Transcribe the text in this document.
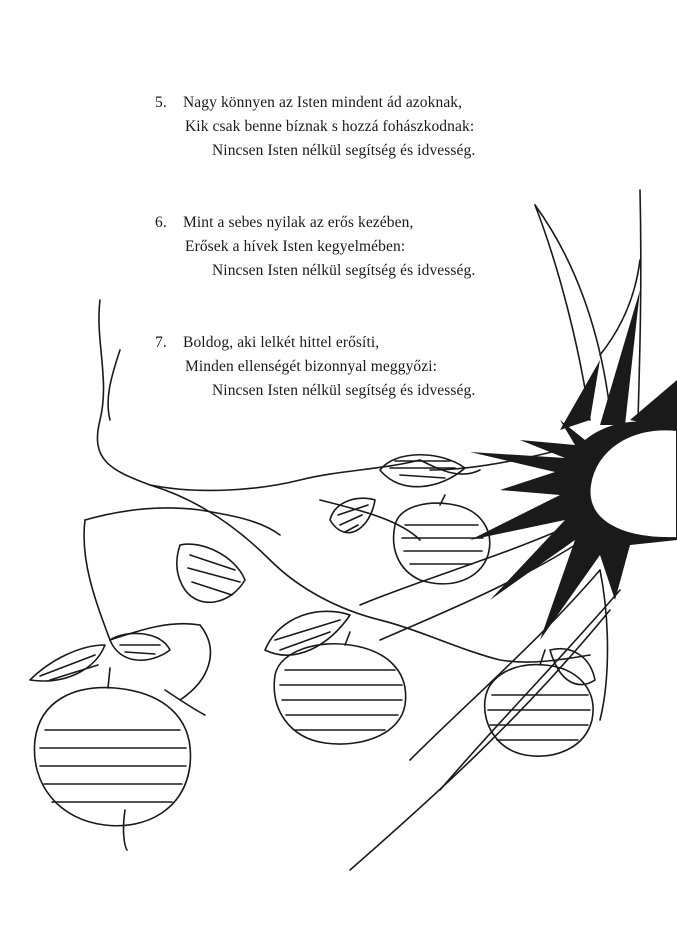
5.	Nagy könnyen az Isten mindent ád azoknak,
Kik csak benne bíznak s hozzá fohászkodnak:
Nincsen Isten nélkül segítség és idvesség.
6.	Mint a sebes nyilak az erős kezében,
Erősek a hívek Isten kegyelmében:
Nincsen Isten nélkül segítség és idvesség.
7.	Boldog, aki lelkét hittel erősíti,
Minden ellenségét bizonnyal meggyőzi:
Nincsen Isten nélkül segítség és idvesség.
